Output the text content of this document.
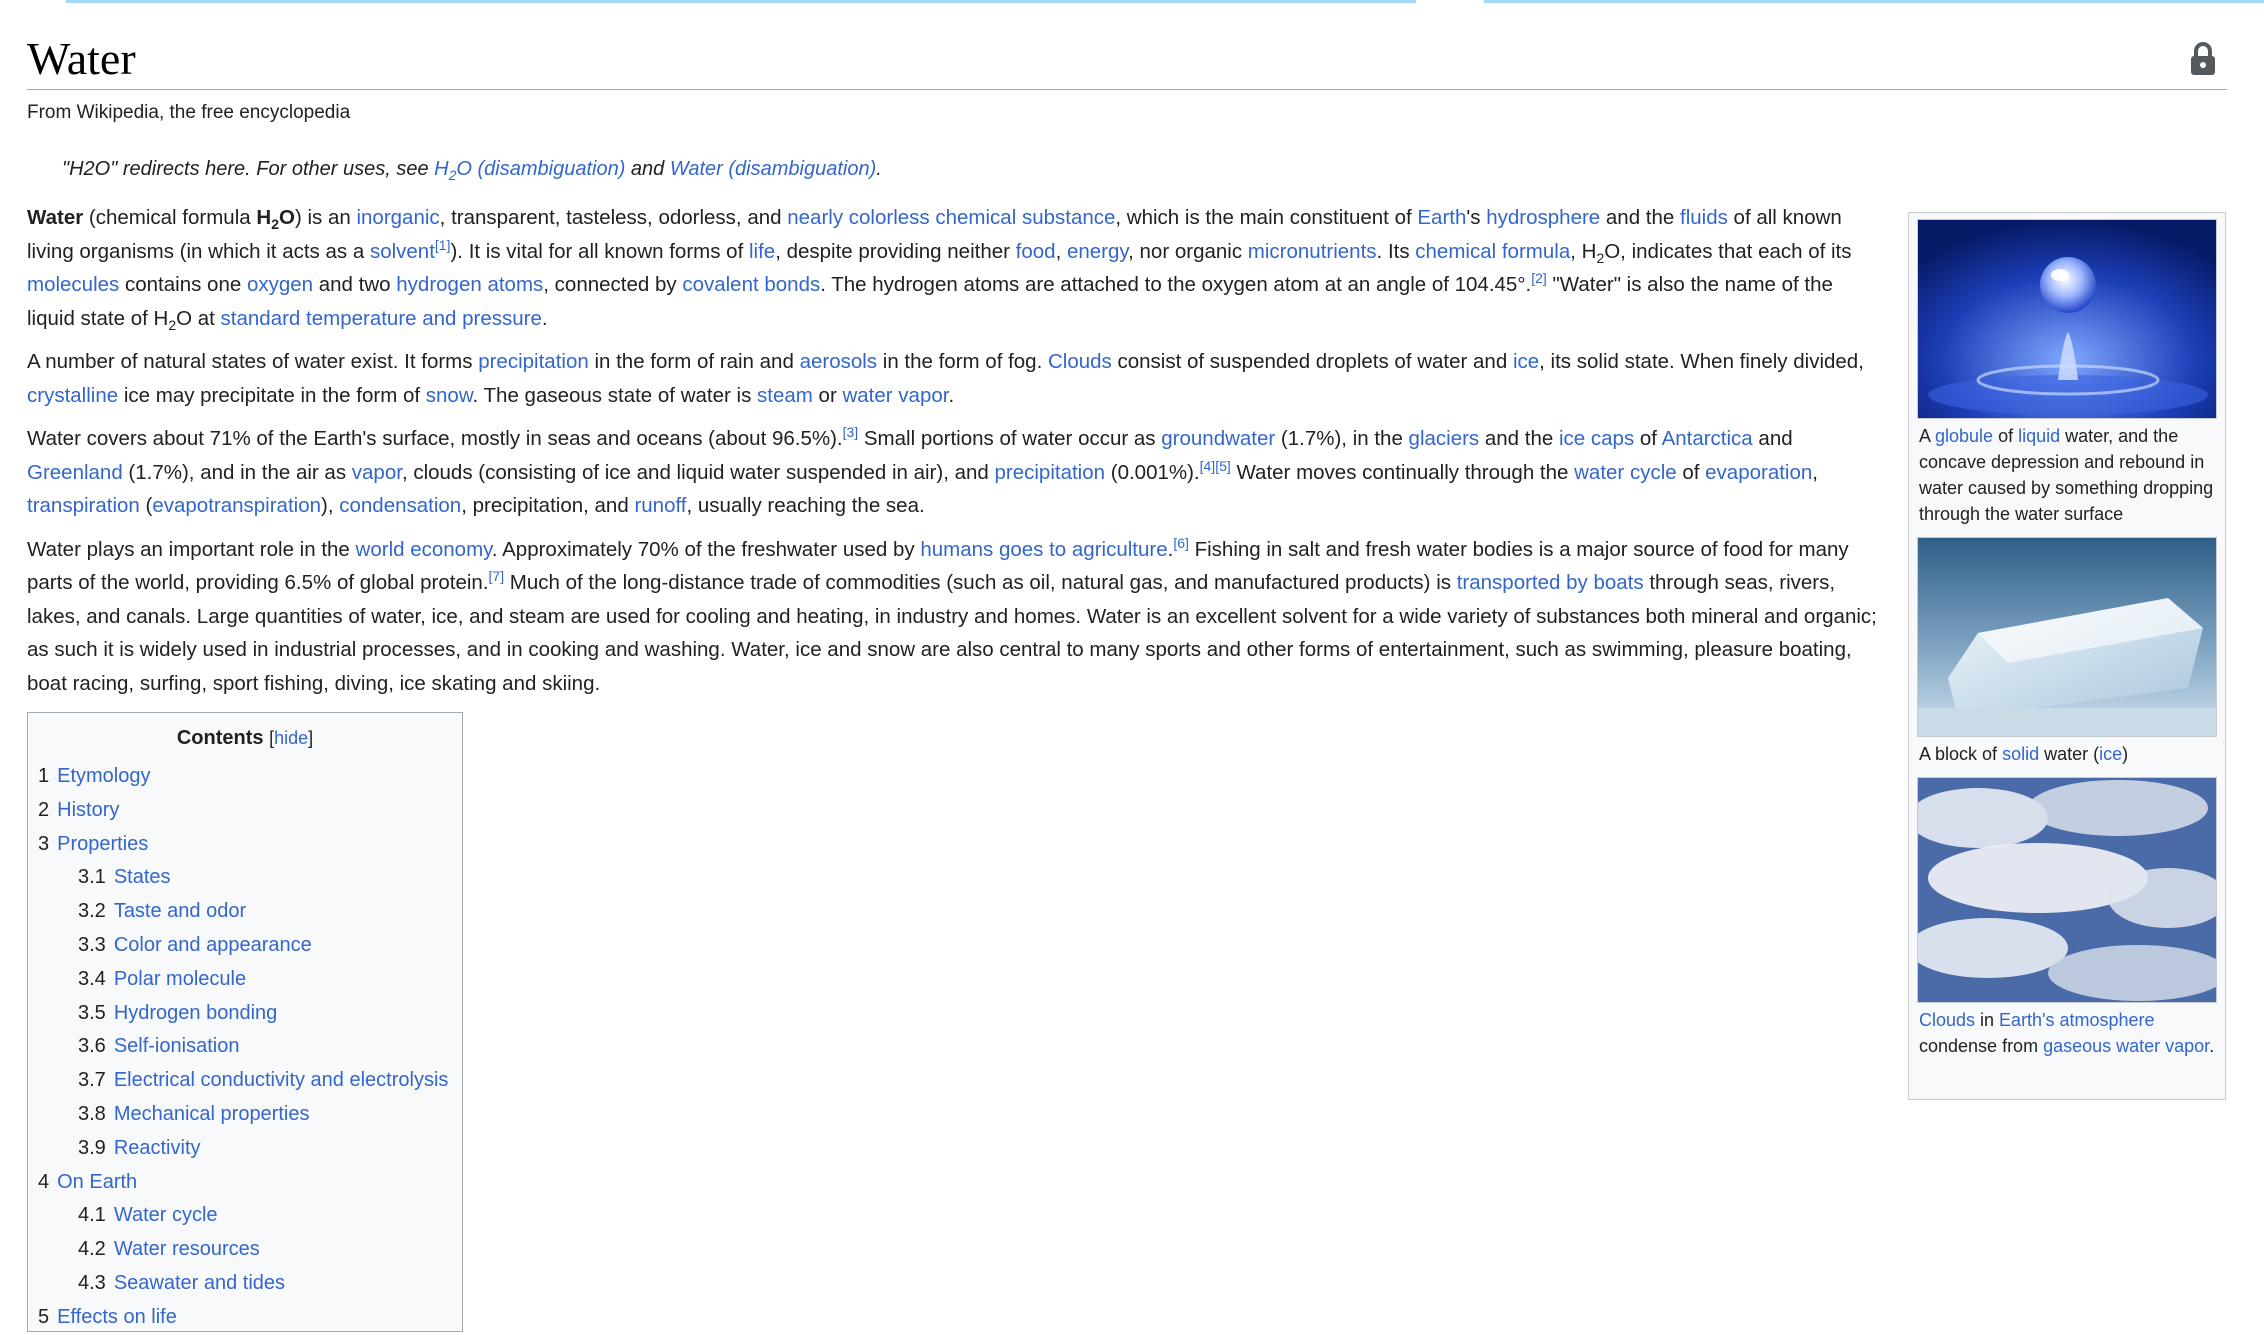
Water
From Wikipedia, the free encyclopedia
"H2O" redirects here. For other uses, see $H_2O$ (disambiguation) and Water (disambiguation).

Water (chemical formula $H_2O$) is an inorganic, transparent, tasteless, odorless, and nearly colorless chemical substance, which is the main constituent of Earth's hydrosphere and the fluids of all known living organisms (in which it acts as a solvent[1]). It is vital for all known forms of life, despite providing neither food, energy, nor organic micronutrients. Its chemical formula, $H_2O$, indicates that each of its molecules contains one oxygen and two hydrogen atoms, connected by covalent bonds. The hydrogen atoms are attached to the oxygen atom at an angle of 104.45°.[2] "Water" is also the name of the liquid state of $H_2O$ at standard temperature and pressure.

A number of natural states of water exist. It forms precipitation in the form of rain and aerosols in the form of fog. Clouds consist of suspended droplets of water and ice, its solid state. When finely divided, crystalline ice may precipitate in the form of snow. The gaseous state of water is steam or water vapor.

Water covers about 71% of the Earth's surface, mostly in seas and oceans (about 96.5%).[3] Small portions of water occur as groundwater (1.7%), in the glaciers and the ice caps of Antarctica and Greenland (1.7%), and in the air as vapor, clouds (consisting of ice and liquid water suspended in air), and precipitation (0.001%).[4][5] Water moves continually through the water cycle of evaporation, transpiration (evapotranspiration), condensation, precipitation, and runoff, usually reaching the sea.

Water plays an important role in the world economy. Approximately 70% of the freshwater used by humans goes to agriculture.[6] Fishing in salt and fresh water bodies is a major source of food for many parts of the world, providing 6.5% of global protein.[7] Much of the long-distance trade of commodities (such as oil, natural gas, and manufactured products) is transported by boats through seas, rivers, lakes, and canals. Large quantities of water, ice, and steam are used for cooling and heating, in industry and homes. Water is an excellent solvent for a wide variety of substances both mineral and organic; as such it is widely used in industrial processes, and in cooking and washing. Water, ice and snow are also central to many sports and other forms of entertainment, such as swimming, pleasure boating, boat racing, surfing, sport fishing, diving, ice skating and skiing.

A globule of liquid water, and the concave depression and rebound in water caused by something dropping through the water surface
A block of solid water (ice)
Clouds in Earth's atmosphere condense from gaseous water vapor.
Contents [hide]
1 Etymology
2 History
3 Properties
3.1 States
3.2 Taste and odor
3.3 Color and appearance
3.4 Polar molecule
3.5 Hydrogen bonding
3.6 Self-ionisation
3.7 Electrical conductivity and electrolysis
3.8 Mechanical properties
3.9 Reactivity
4 On Earth
4.1 Water cycle
4.2 Water resources
4.3 Seawater and tides
5 Effects on life
